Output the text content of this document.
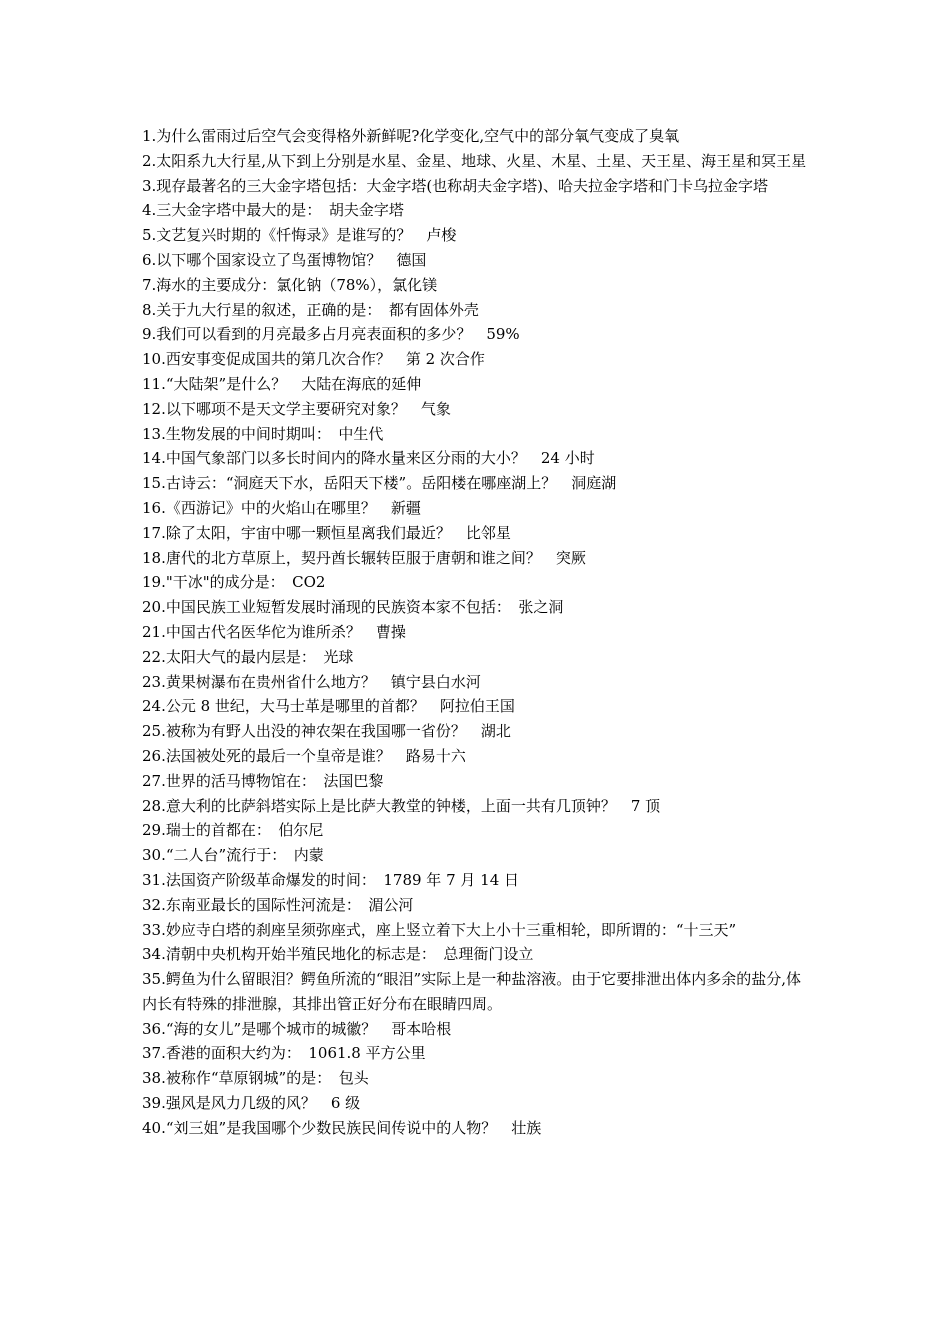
1.为什么雷雨过后空气会变得格外新鲜呢?化学变化,空气中的部分氧气变成了臭氧

2.太阳系九大行星,从下到上分别是水星、金星、地球、火星、木星、土星、天王星、海王星和冥王星

3.现存最著名的三大金字塔包括：大金字塔(也称胡夫金字塔)、哈夫拉金字塔和门卡乌拉金字塔

4.三大金字塔中最大的是：　胡夫金字塔

5.文艺复兴时期的《忏悔录》是谁写的？　卢梭

6.以下哪个国家设立了鸟蛋博物馆？　德国

7.海水的主要成分：氯化钠（78%），氯化镁

8.关于九大行星的叙述，正确的是：　都有固体外壳

9.我们可以看到的月亮最多占月亮表面积的多少？　59%

10.西安事变促成国共的第几次合作？　第 2 次合作

11.“大陆架”是什么？　大陆在海底的延伸

12.以下哪项不是天文学主要研究对象？　气象

13.生物发展的中间时期叫：　中生代

14.中国气象部门以多长时间内的降水量来区分雨的大小？　24 小时

15.古诗云：“洞庭天下水，岳阳天下楼”。岳阳楼在哪座湖上？　洞庭湖

16.《西游记》中的火焰山在哪里？　新疆

17.除了太阳，宇宙中哪一颗恒星离我们最近？　比邻星

18.唐代的北方草原上，契丹酋长辗转臣服于唐朝和谁之间？　突厥

19."干冰"的成分是：　CO2

20.中国民族工业短暂发展时涌现的民族资本家不包括：　张之洞

21.中国古代名医华佗为谁所杀？　曹操

22.太阳大气的最内层是：　光球

23.黄果树瀑布在贵州省什么地方？　镇宁县白水河

24.公元 8 世纪，大马士革是哪里的首都？　阿拉伯王国

25.被称为有野人出没的神农架在我国哪一省份？　湖北

26.法国被处死的最后一个皇帝是谁？　路易十六

27.世界的活马博物馆在：　法国巴黎

28.意大利的比萨斜塔实际上是比萨大教堂的钟楼，上面一共有几顶钟？　7 顶

29.瑞士的首都在：　伯尔尼

30.“二人台”流行于：　内蒙

31.法国资产阶级革命爆发的时间：　1789 年 7 月 14 日

32.东南亚最长的国际性河流是：　湄公河

33.妙应寺白塔的刹座呈须弥座式，座上竖立着下大上小十三重相轮，即所谓的：“十三天”

34.清朝中央机构开始半殖民地化的标志是：　总理衙门设立

35.鳄鱼为什么留眼泪？鳄鱼所流的“眼泪”实际上是一种盐溶液。由于它要排泄出体内多余的盐分,体内长有特殊的排泄腺，其排出管正好分布在眼睛四周。

36.“海的女儿”是哪个城市的城徽？　哥本哈根

37.香港的面积大约为：　1061.8 平方公里

38.被称作“草原钢城”的是：　包头

39.强风是风力几级的风？　6 级

40.“刘三姐”是我国哪个少数民族民间传说中的人物？　壮族
